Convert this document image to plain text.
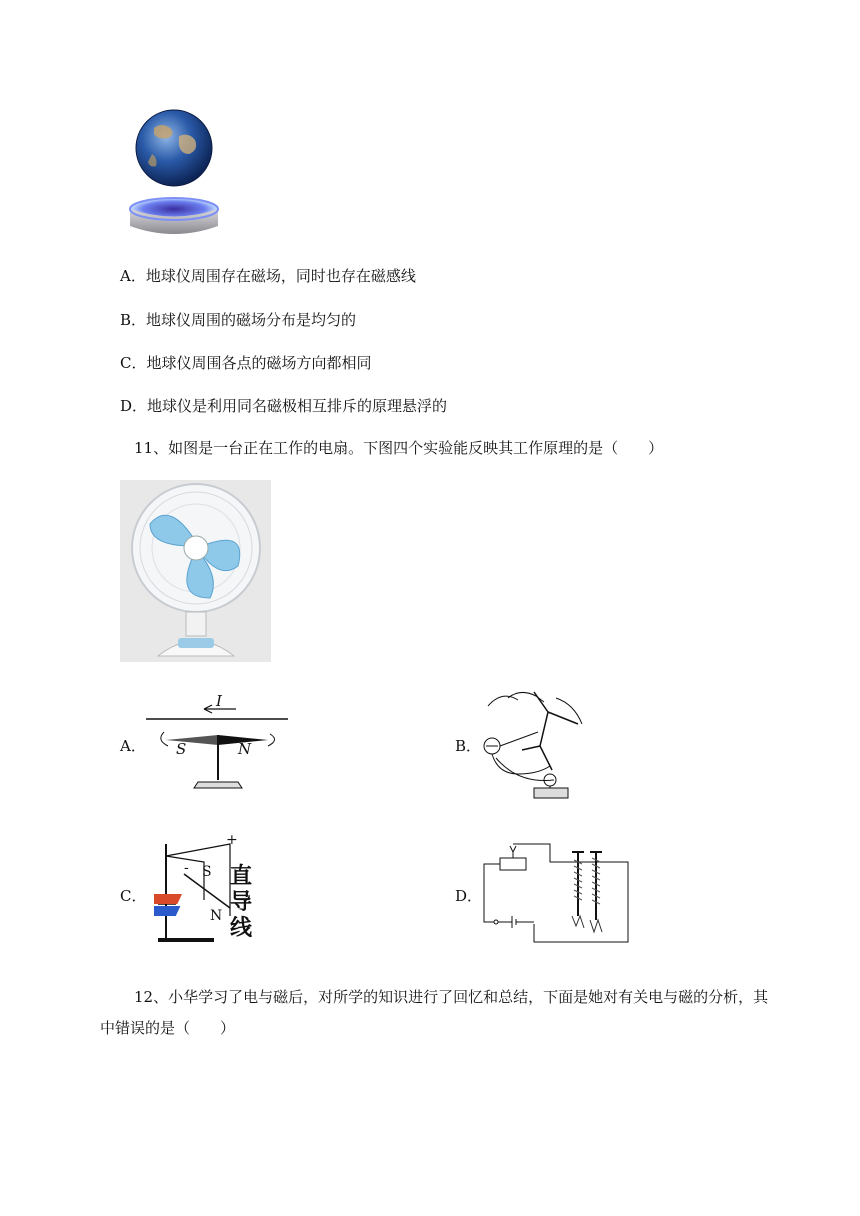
A．地球仪周围存在磁场，同时也存在磁感线
B．地球仪周围的磁场分布是均匀的
C．地球仪周围各点的磁场方向都相同
D．地球仪是利用同名磁极相互排斥的原理悬浮的
11、如图是一台正在工作的电扇。下图四个实验能反映其工作原理的是（　　）
A．
I
S	N	B．
C．
+
- S
N
直
导
线
D．
12、小华学习了电与磁后，对所学的知识进行了回忆和总结，下面是她对有关电与磁的分析，其
中错误的是（　　）
